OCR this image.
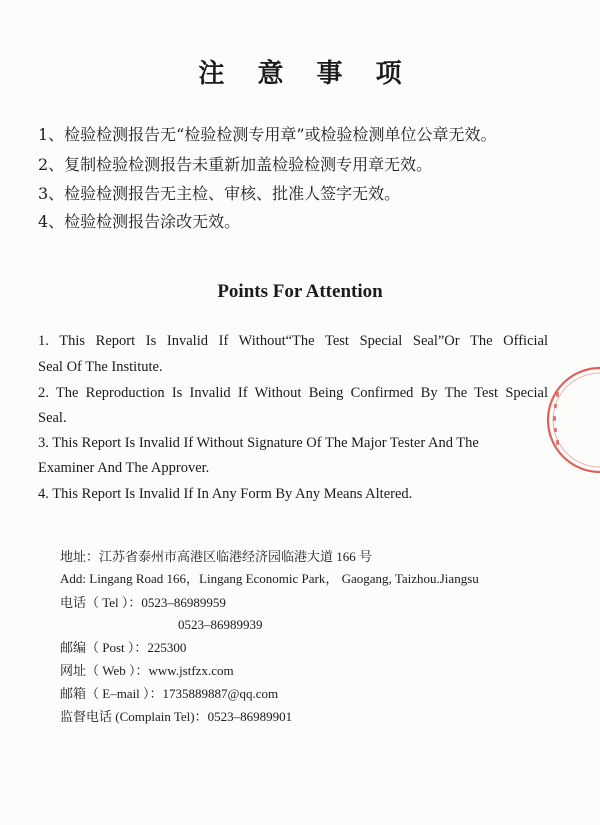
注 意 事 项
1、检验检测报告无“检验检测专用章”或检验检测单位公章无效。
2、复制检验检测报告未重新加盖检验检测专用章无效。
3、检验检测报告无主检、审核、批准人签字无效。
4、检验检测报告涂改无效。
Points For Attention
1. This Report Is Invalid If Without“The Test Special Seal”Or The Official
Seal Of The Institute.
2. The Reproduction Is Invalid If Without Being Confirmed By The Test Special
Seal.
3. This Report Is Invalid If Without Signature Of The Major Tester And The
Examiner And The Approver.
4. This Report Is Invalid If In Any Form By Any Means Altered.
地址：江苏省泰州市高港区临港经济园临港大道 166 号
Add: Lingang Road 166，Lingang Economic Park， Gaogang, Taizhou.Jiangsu
电话（ Tel ）：0523–86989959
0523–86989939
邮编（ Post ）：225300
网址（ Web ）：www.jstfzx.com
邮箱（ E–mail ）：1735889887@qq.com
监督电话 (Complain Tel)：0523–86989901
